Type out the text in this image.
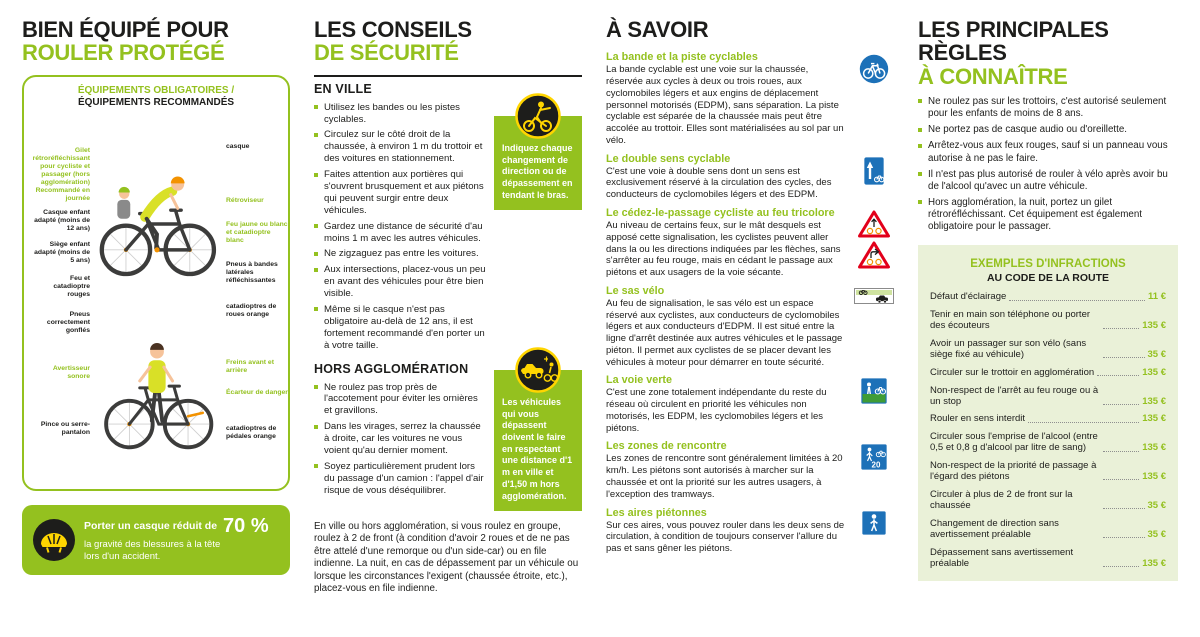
BIEN ÉQUIPÉ POUR
ROULER PROTÉGÉ
ÉQUIPEMENTS OBLIGATOIRES /
ÉQUIPEMENTS RECOMMANDÉS
Gilet rétroréfléchissant pour cycliste et passager (hors agglomération) Recommandé en journée
Casque enfant adapté (moins de 12 ans)
Siège enfant adapté (moins de 5 ans)
Feu et catadioptre rouges
Pneus correctement gonflés
Avertisseur sonore
Pince ou serre-pantalon
casque
Rétroviseur
Feu jaune ou blanc et catadioptre blanc
Pneus à bandes latérales réfléchissantes
catadioptres de roues orange
Freins avant et arrière
Écarteur de danger
catadioptres de pédales orange
Porter un casque réduit de 70 %
la gravité des blessures à la tête lors d'un accident.
LES CONSEILS
DE SÉCURITÉ
EN VILLE
Utilisez les bandes ou les pistes cyclables.
Circulez sur le côté droit de la chaussée, à environ 1 m du trottoir et des voitures en stationnement.
Faites attention aux portières qui s'ouvrent brusquement et aux piétons qui peuvent surgir entre deux véhicules.
Gardez une distance de sécurité d'au moins 1 m avec les autres véhicules.
Ne zigzaguez pas entre les voitures.
Aux intersections, placez-vous un peu en avant des véhicules pour être bien visible.
Même si le casque n'est pas obligatoire au-delà de 12 ans, il est fortement recommandé d'en porter un à votre taille.
HORS AGGLOMÉRATION
Ne roulez pas trop près de l'accotement pour éviter les ornières et gravillons.
Dans les virages, serrez la chaussée à droite, car les voitures ne vous voient qu'au dernier moment.
Soyez particulièrement prudent lors du passage d'un camion : l'appel d'air risque de vous déséquilibrer.
En ville ou hors agglomération, si vous roulez en groupe, roulez à 2 de front (à condition d'avoir 2 roues et de ne pas être attelé d'une remorque ou d'un side-car) ou en file indienne. La nuit, en cas de dépassement par un véhicule ou lorsque les circonstances l'exigent (chaussée étroite, etc.), placez-vous en file indienne.
Indiquez chaque changement de direction ou de dépassement en tendant le bras.
Les véhicules qui vous dépassent doivent le faire en respectant une distance d'1 m en ville et d'1,50 m hors agglomération.
À SAVOIR
La bande et la piste cyclables
La bande cyclable est une voie sur la chaussée, réservée aux cycles à deux ou trois roues, aux cyclomobiles légers et aux engins de déplacement personnel motorisés (EDPM), sans séparation. La piste cyclable est séparée de la chaussée mais peut être accolée au trottoir. Elles sont matérialisées au sol par un vélo.
Le double sens cyclable
C'est une voie à double sens dont un sens est exclusivement réservé à la circulation des cycles, des conducteurs de cyclomobiles légers et des EDPM.
Le cédez-le-passage cycliste au feu tricolore
Au niveau de certains feux, sur le mât desquels est apposé cette signalisation, les cyclistes peuvent aller dans la ou les directions indiquées par les flèches, sans s'arrêter au feu rouge, mais en cédant le passage aux piétons et aux usagers de la voie sécante.
Le sas vélo
Au feu de signalisation, le sas vélo est un espace réservé aux cyclistes, aux conducteurs de cyclomobiles légers et aux conducteurs d'EDPM. Il est situé entre la ligne d'arrêt destinée aux autres véhicules et le passage piéton. Il permet aux cyclistes de se placer devant les véhicules à moteur pour démarrer en toute sécurité.
La voie verte
C'est une zone totalement indépendante du reste du réseau où circulent en priorité les véhicules non motorisés, les EDPM, les cyclomobiles légers et les piétons.
Les zones de rencontre
Les zones de rencontre sont généralement limitées à 20 km/h. Les piétons sont autorisés à marcher sur la chaussée et ont la priorité sur les autres usagers, à l'exception des tramways.
20
Les aires piétonnes
Sur ces aires, vous pouvez rouler dans les deux sens de circulation, à condition de toujours conserver l'allure du pas et sans gêner les piétons.
LES PRINCIPALES
RÈGLES
À CONNAÎTRE
Ne roulez pas sur les trottoirs, c'est autorisé seulement pour les enfants de moins de 8 ans.
Ne portez pas de casque audio ou d'oreillette.
Arrêtez-vous aux feux rouges, sauf si un panneau vous autorise à ne pas le faire.
Il n'est pas plus autorisé de rouler à vélo après avoir bu de l'alcool qu'avec un autre véhicule.
Hors agglomération, la nuit, portez un gilet rétroréfléchissant. Cet équipement est également obligatoire pour le passager.
EXEMPLES D'INFRACTIONS
AU CODE DE LA ROUTE
Défaut d'éclairage	11 €
Tenir en main son téléphone ou porter des écouteurs	135 €
Avoir un passager sur son vélo (sans siège fixé au véhicule)	35 €
Circuler sur le trottoir en agglomération	135 €
Non-respect de l'arrêt au feu rouge ou à un stop	135 €
Rouler en sens interdit	135 €
Circuler sous l'emprise de l'alcool (entre 0,5 et 0,8 g d'alcool par litre de sang)	135 €
Non-respect de la priorité de passage à l'égard des piétons	135 €
Circuler à plus de 2 de front sur la chaussée	35 €
Changement de direction sans avertissement préalable	35 €
Dépassement sans avertissement préalable	135 €
